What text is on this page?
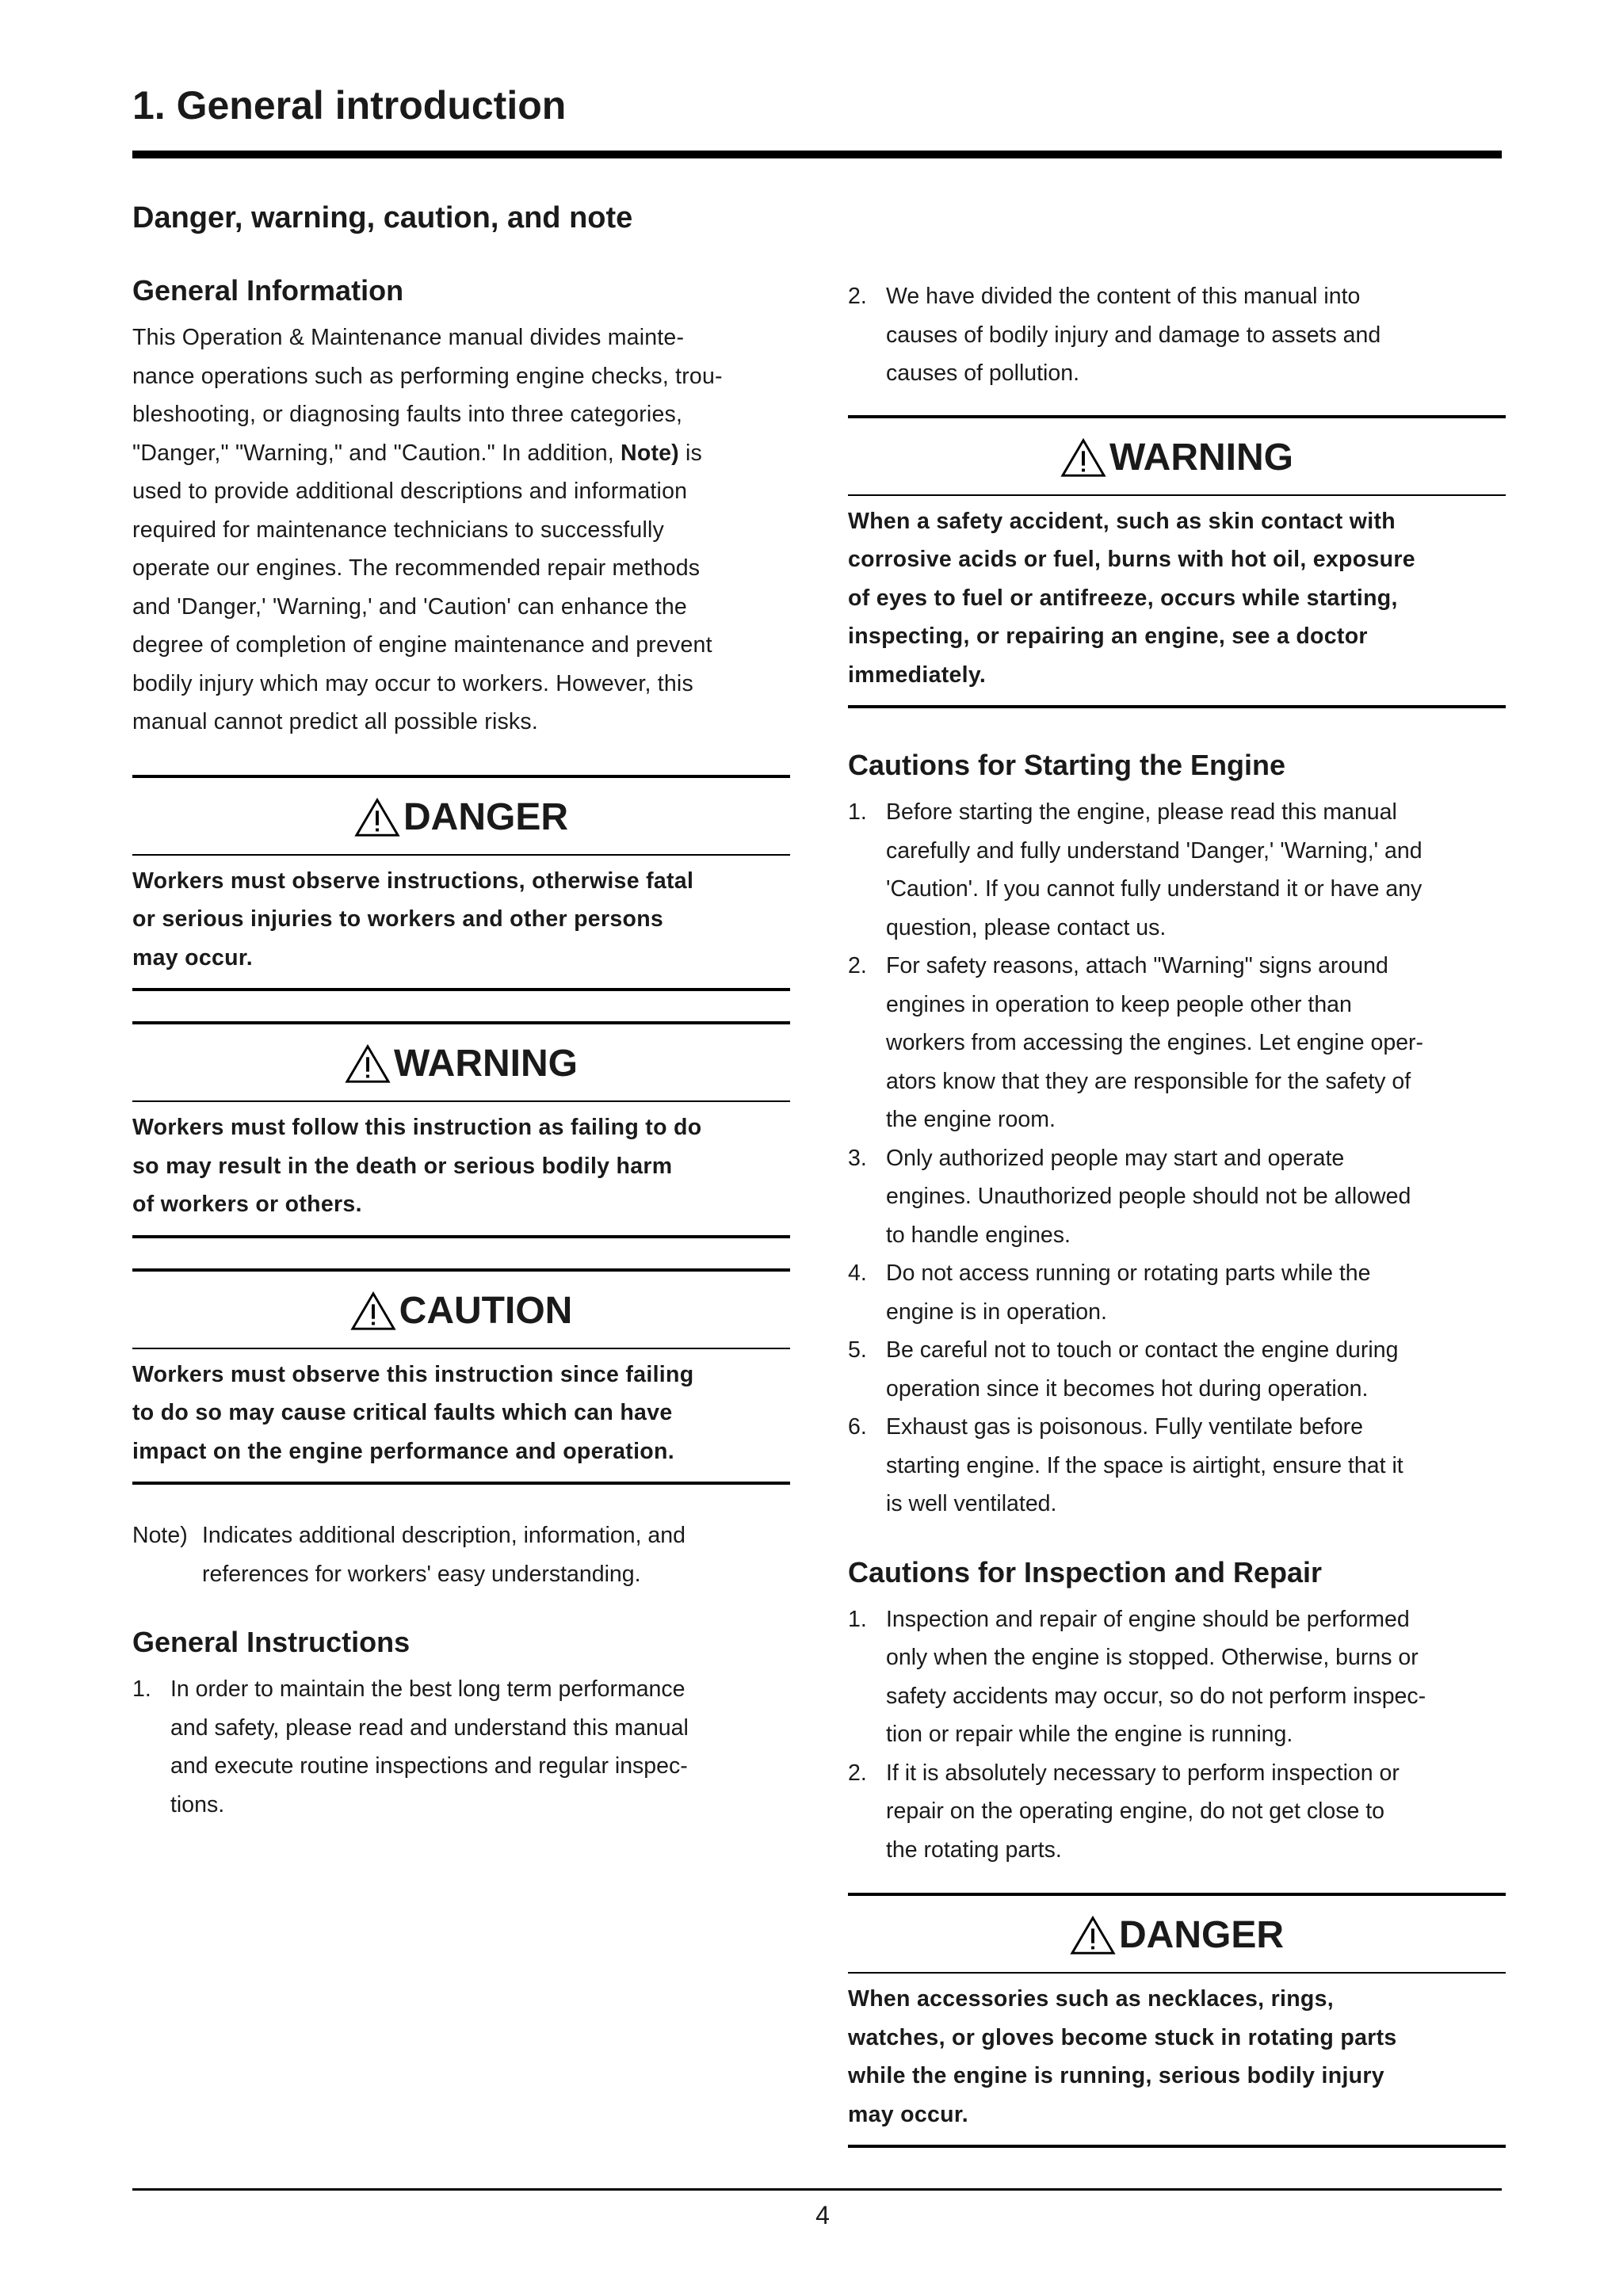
1. General introduction
Danger, warning, caution, and note
General Information

This Operation & Maintenance manual divides mainte-
nance operations such as performing engine checks, trou-
bleshooting, or diagnosing faults into three categories,
"Danger," "Warning," and "Caution." In addition, Note) is
used to provide additional descriptions and information
required for maintenance technicians to successfully
operate our engines. The recommended repair methods
and 'Danger,' 'Warning,' and 'Caution' can enhance the
degree of completion of engine maintenance and prevent
bodily injury which may occur to workers. However, this
manual cannot predict all possible risks.

DANGER
Workers must observe instructions, otherwise fatal
or serious injuries to workers and other persons
may occur.
WARNING
Workers must follow this instruction as failing to do
so may result in the death or serious bodily harm
of workers or others.
CAUTION
Workers must observe this instruction since failing
to do so may cause critical faults which can have
impact on the engine performance and operation.
Note) Indicates additional description, information, and
references for workers' easy understanding.
General Instructions
1. In order to maintain the best long term performance
and safety, please read and understand this manual
and execute routine inspections and regular inspec-
tions.
2. We have divided the content of this manual into
causes of bodily injury and damage to assets and
causes of pollution.
WARNING
When a safety accident, such as skin contact with
corrosive acids or fuel, burns with hot oil, exposure
of eyes to fuel or antifreeze, occurs while starting,
inspecting, or repairing an engine, see a doctor
immediately.
Cautions for Starting the Engine
1. Before starting the engine, please read this manual
carefully and fully understand 'Danger,' 'Warning,' and
'Caution'. If you cannot fully understand it or have any
question, please contact us.
2. For safety reasons, attach "Warning" signs around
engines in operation to keep people other than
workers from accessing the engines. Let engine oper-
ators know that they are responsible for the safety of
the engine room.
3. Only authorized people may start and operate
engines. Unauthorized people should not be allowed
to handle engines.
4. Do not access running or rotating parts while the
engine is in operation.
5. Be careful not to touch or contact the engine during
operation since it becomes hot during operation.
6. Exhaust gas is poisonous. Fully ventilate before
starting engine. If the space is airtight, ensure that it
is well ventilated.
Cautions for Inspection and Repair
1. Inspection and repair of engine should be performed
only when the engine is stopped. Otherwise, burns or
safety accidents may occur, so do not perform inspec-
tion or repair while the engine is running.
2. If it is absolutely necessary to perform inspection or
repair on the operating engine, do not get close to
the rotating parts.
DANGER
When accessories such as necklaces, rings,
watches, or gloves become stuck in rotating parts
while the engine is running, serious bodily injury
may occur.
4
